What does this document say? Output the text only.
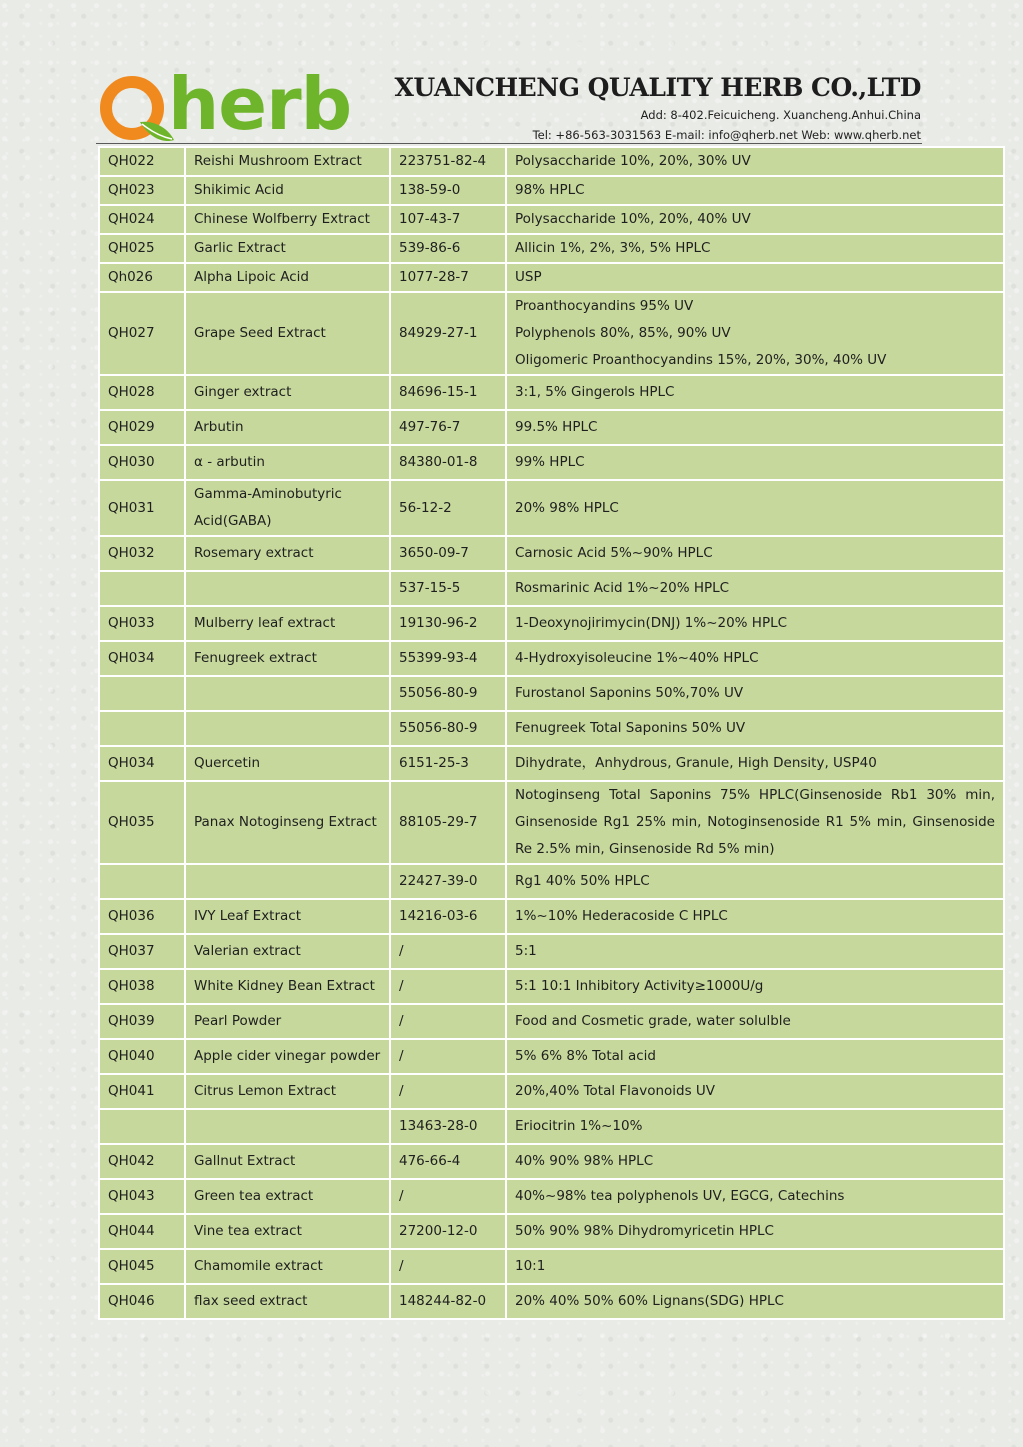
herb XUANCHENG QUALITY HERB CO.,LTD
Add: 8-402.Feicuicheng. Xuancheng.Anhui.China
Tel: +86-563-3031563 E-mail: info@qherb.net Web: www.qherb.net
QH022	Reishi Mushroom Extract	223751-82-4	Polysaccharide 10%, 20%, 30% UV

QH023	Shikimic Acid	138-59-0	98% HPLC

QH024	Chinese Wolfberry Extract	107-43-7	Polysaccharide 10%, 20%, 40% UV

QH025	Garlic Extract	539-86-6	Allicin 1%, 2%, 3%, 5% HPLC

Qh026	Alpha Lipoic Acid	1077-28-7	USP

QH027	Grape Seed Extract	84929-27-1	Proanthocyandins 95% UV
Polyphenols 80%, 85%, 90% UV
Oligomeric Proanthocyandins 15%, 20%, 30%, 40% UV

QH028	Ginger extract	84696-15-1	3:1, 5% Gingerols HPLC

QH029	Arbutin	497-76-7	99.5% HPLC

QH030	α - arbutin	84380-01-8	99% HPLC

QH031	Gamma-Aminobutyric Acid(GABA)	56-12-2	20% 98% HPLC

QH032	Rosemary extract	3650-09-7	Carnosic Acid 5%~90% HPLC

		537-15-5	Rosmarinic Acid 1%~20% HPLC

QH033	Mulberry leaf extract	19130-96-2	1-Deoxynojirimycin(DNJ) 1%~20% HPLC

QH034	Fenugreek extract	55399-93-4	4-Hydroxyisoleucine 1%~40% HPLC

		55056-80-9	Furostanol Saponins 50%,70% UV

		55056-80-9	Fenugreek Total Saponins 50% UV

QH034	Quercetin	6151-25-3	Dihydrate，Anhydrous, Granule, High Density, USP40

QH035	Panax Notoginseng Extract	88105-29-7	Notoginseng Total Saponins 75% HPLC(Ginsenoside Rb1 30% min, Ginsenoside Rg1 25% min, Notoginsenoside R1 5% min, Ginsenoside Re 2.5% min, Ginsenoside Rd 5% min)

		22427-39-0	Rg1 40% 50% HPLC

QH036	IVY Leaf Extract	14216-03-6	1%~10% Hederacoside C HPLC

QH037	Valerian extract	/	5:1

QH038	White Kidney Bean Extract	/	5:1 10:1 Inhibitory Activity≥1000U/g

QH039	Pearl Powder	/	Food and Cosmetic grade, water solulble

QH040	Apple cider vinegar powder	/	5% 6% 8% Total acid

QH041	Citrus Lemon Extract	/	20%,40% Total Flavonoids UV

		13463-28-0	Eriocitrin 1%~10%

QH042	Gallnut Extract	476-66-4	40% 90% 98% HPLC

QH043	Green tea extract	/	40%~98% tea polyphenols UV, EGCG, Catechins

QH044	Vine tea extract	27200-12-0	50% 90% 98% Dihydromyricetin HPLC

QH045	Chamomile extract	/	10:1

QH046	flax seed extract	148244-82-0	20% 40% 50% 60% Lignans(SDG) HPLC
